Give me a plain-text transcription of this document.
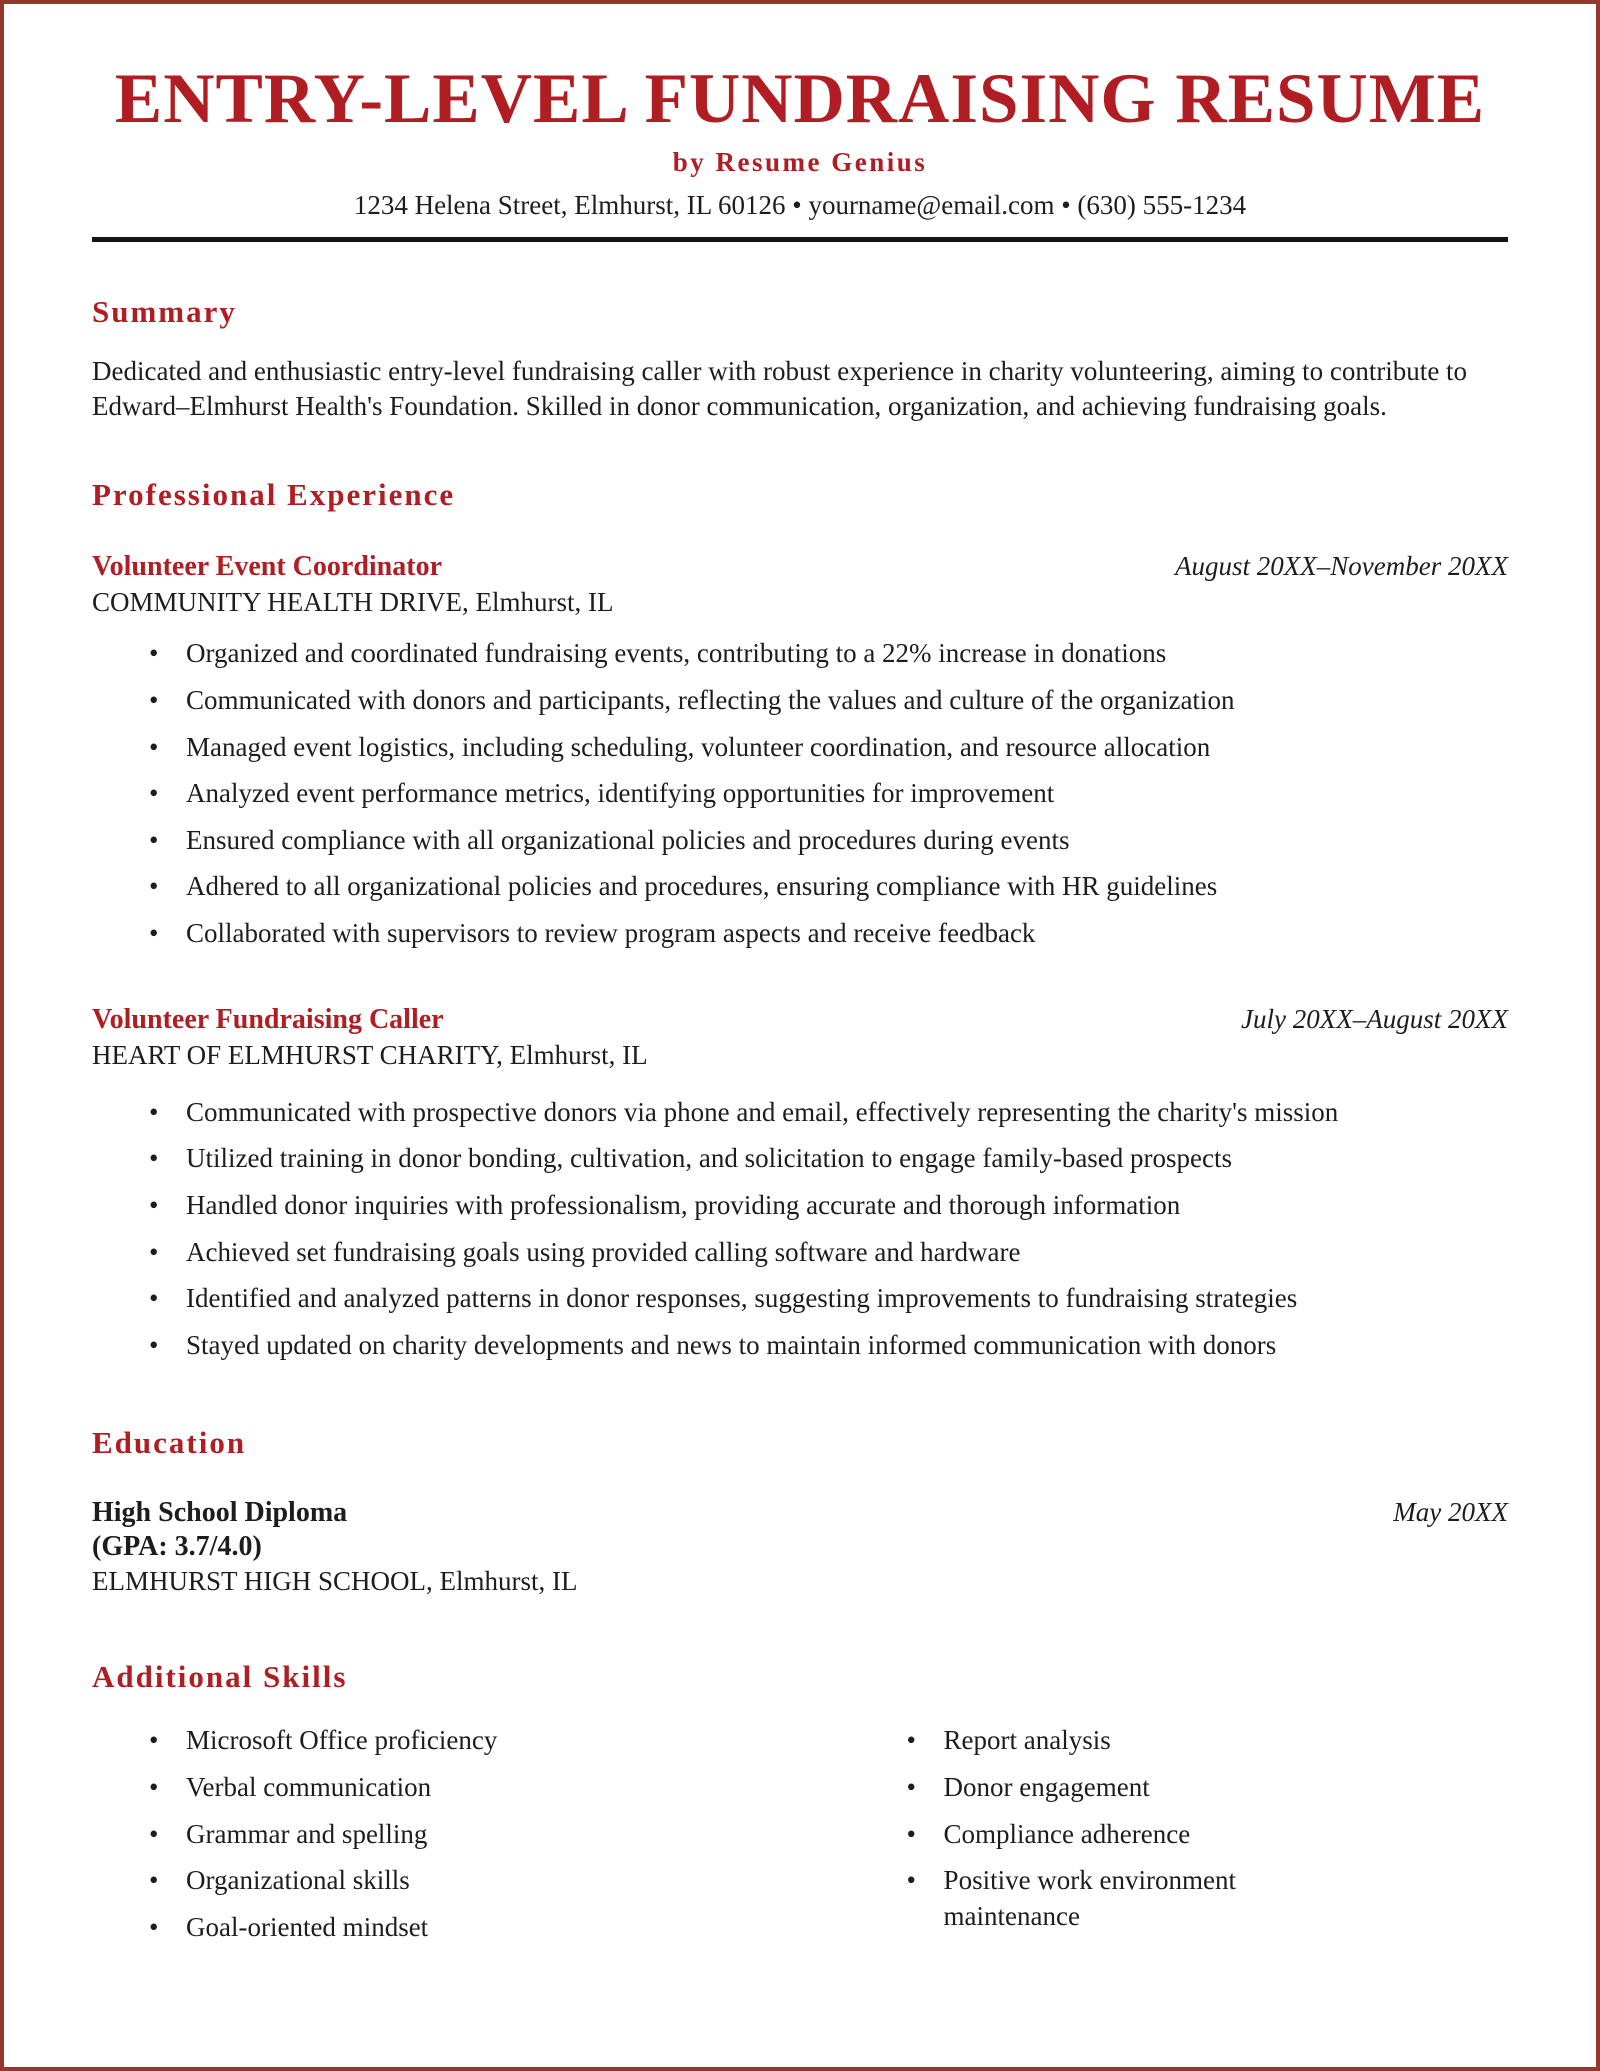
ENTRY-LEVEL FUNDRAISING RESUME
by Resume Genius
1234 Helena Street, Elmhurst, IL 60126 • yourname@email.com • (630) 555-1234
Summary

Dedicated and enthusiastic entry-level fundraising caller with robust experience in charity volunteering, aiming to contribute to Edward–Elmhurst Health's Foundation. Skilled in donor communication, organization, and achieving fundraising goals.

Professional Experience
Volunteer Event Coordinator	August 20XX–November 20XX
COMMUNITY HEALTH DRIVE, Elmhurst, IL
• Organized and coordinated fundraising events, contributing to a 22% increase in donations
• Communicated with donors and participants, reflecting the values and culture of the organization
• Managed event logistics, including scheduling, volunteer coordination, and resource allocation
• Analyzed event performance metrics, identifying opportunities for improvement
• Ensured compliance with all organizational policies and procedures during events
• Adhered to all organizational policies and procedures, ensuring compliance with HR guidelines
• Collaborated with supervisors to review program aspects and receive feedback
Volunteer Fundraising Caller	July 20XX–August 20XX
HEART OF ELMHURST CHARITY, Elmhurst, IL
• Communicated with prospective donors via phone and email, effectively representing the charity's mission
• Utilized training in donor bonding, cultivation, and solicitation to engage family-based prospects
• Handled donor inquiries with professionalism, providing accurate and thorough information
• Achieved set fundraising goals using provided calling software and hardware
• Identified and analyzed patterns in donor responses, suggesting improvements to fundraising strategies
• Stayed updated on charity developments and news to maintain informed communication with donors
Education
High School Diploma	May 20XX
(GPA: 3.7/4.0)
ELMHURST HIGH SCHOOL, Elmhurst, IL
Additional Skills
• Microsoft Office proficiency
• Verbal communication
• Grammar and spelling
• Organizational skills
• Goal-oriented mindset
• Report analysis
• Donor engagement
• Compliance adherence
• Positive work environment maintenance
